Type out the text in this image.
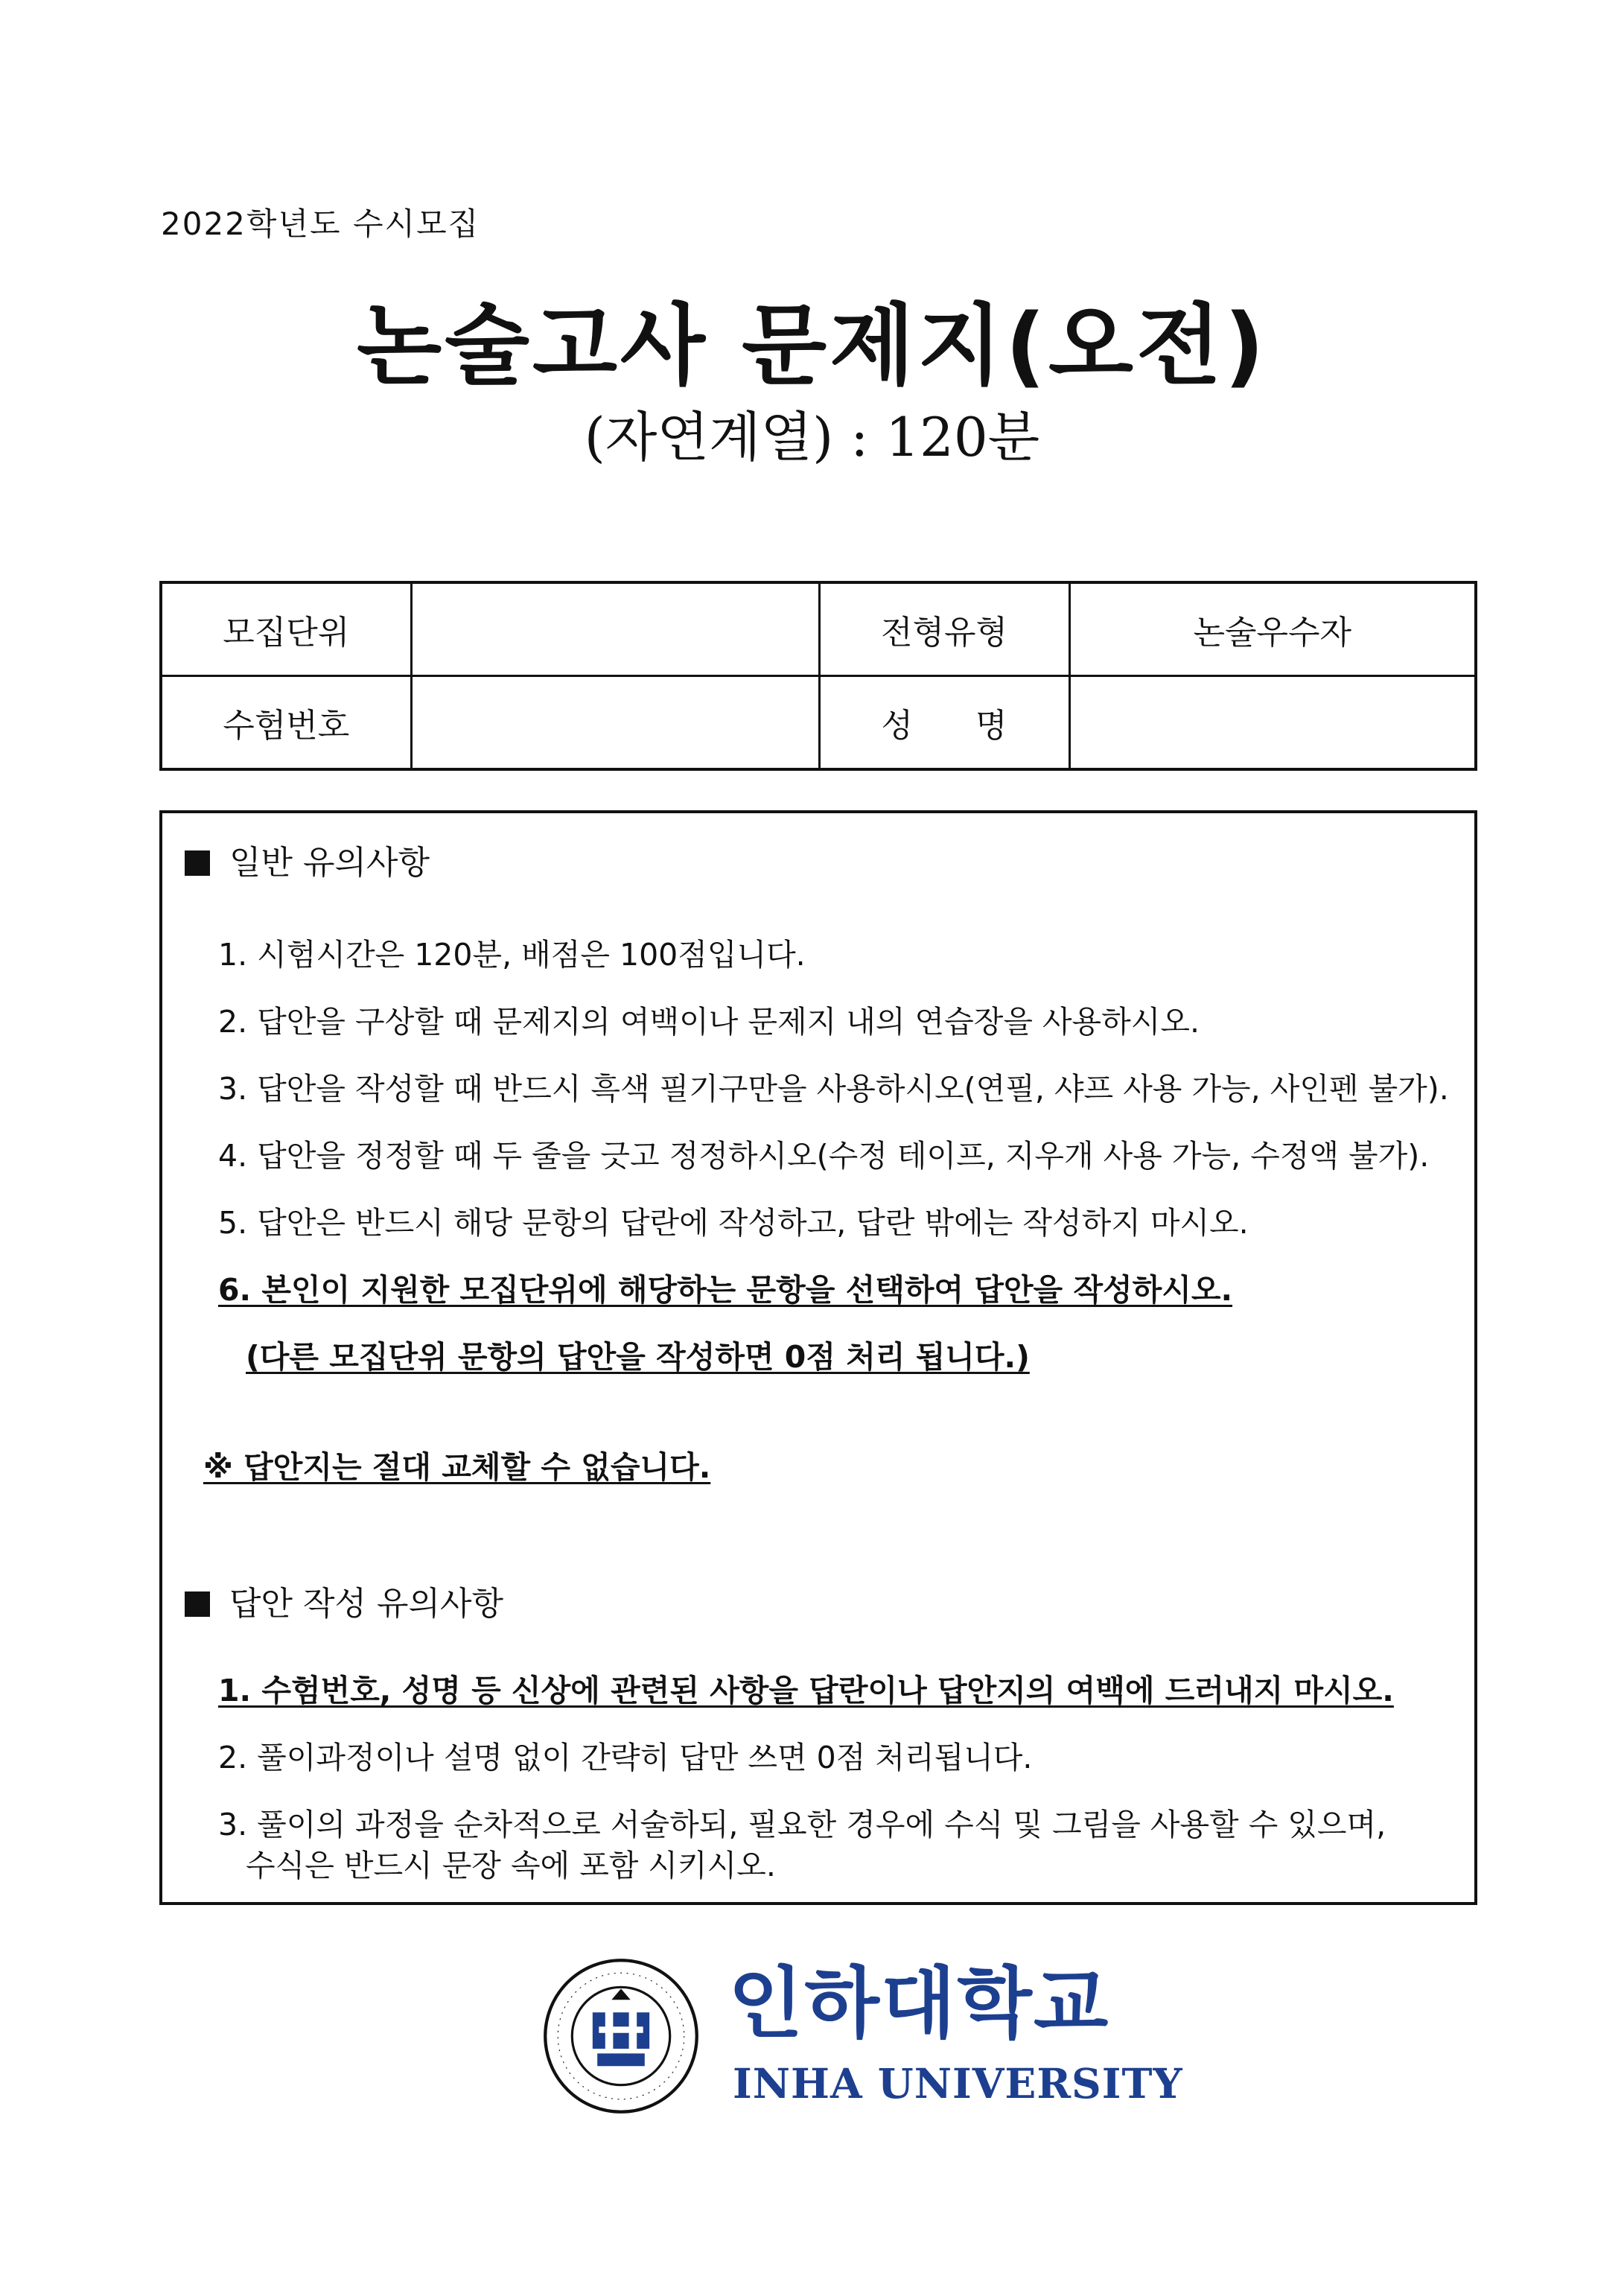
2022학년도 수시모집
논술고사 문제지(오전)
(자연계열) : 120분
모집단위		전형유형	논술우수자
수험번호		성      명	
일반 유의사항
1. 시험시간은 120분, 배점은 100점입니다.
2. 답안을 구상할 때 문제지의 여백이나 문제지 내의 연습장을 사용하시오.
3. 답안을 작성할 때 반드시 흑색 필기구만을 사용하시오(연필, 샤프 사용 가능, 사인펜 불가).
4. 답안을 정정할 때 두 줄을 긋고 정정하시오(수정 테이프, 지우개 사용 가능, 수정액 불가).
5. 답안은 반드시 해당 문항의 답란에 작성하고, 답란 밖에는 작성하지 마시오.
6. 본인이 지원한 모집단위에 해당하는 문항을 선택하여 답안을 작성하시오.
(다른 모집단위 문항의 답안을 작성하면 0점 처리 됩니다.)
※ 답안지는 절대 교체할 수 없습니다.
답안 작성 유의사항
1. 수험번호, 성명 등 신상에 관련된 사항을 답란이나 답안지의 여백에 드러내지 마시오.
2. 풀이과정이나 설명 없이 간략히 답만 쓰면 0점 처리됩니다.
3. 풀이의 과정을 순차적으로 서술하되, 필요한 경우에 수식 및 그림을 사용할 수 있으며,
수식은 반드시 문장 속에 포함 시키시오.
인하대학교
INHA UNIVERSITY
